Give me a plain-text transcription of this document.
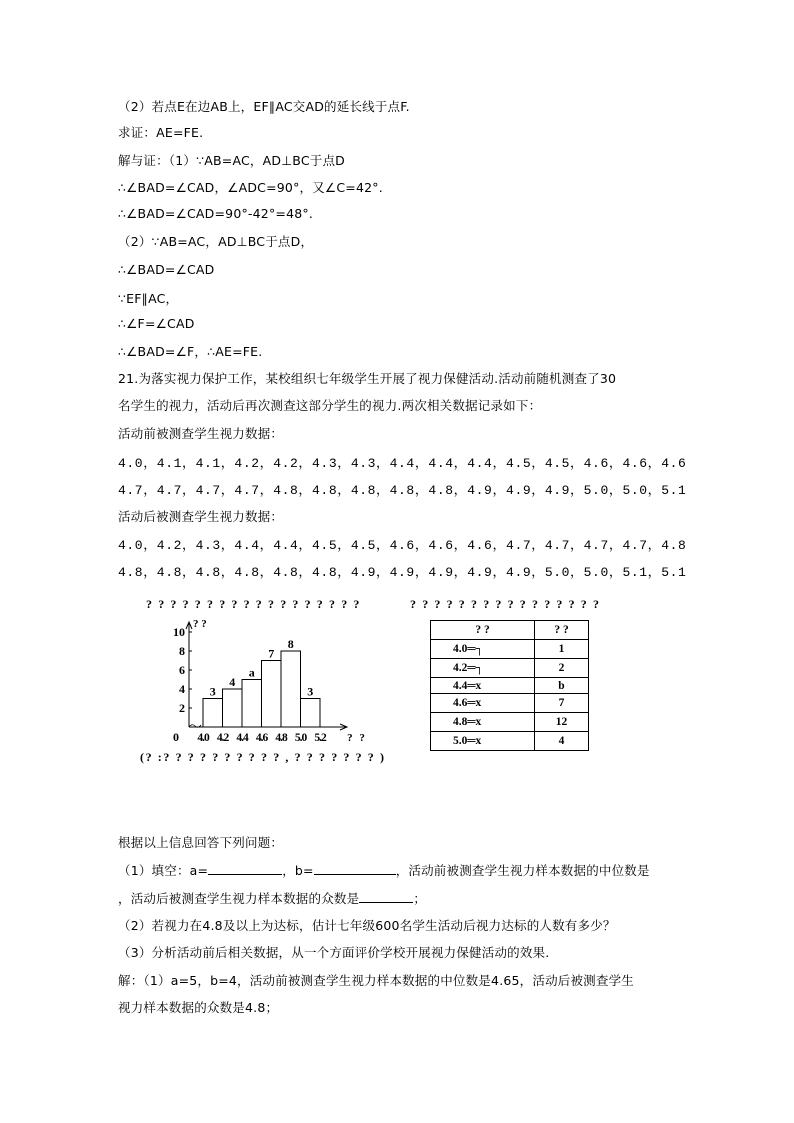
（2）若点E在边AB上，EF∥AC交AD的延长线于点F.
求证：AE=FE.
解与证：（1）∵AB=AC，AD⊥BC于点D
∴∠BAD=∠CAD，∠ADC=90°，又∠C=42°.
∴∠BAD=∠CAD=90°-42°=48°.
（2）∵AB=AC，AD⊥BC于点D，
∴∠BAD=∠CAD
∵EF∥AC，
∴∠F=∠CAD
∴∠BAD=∠F，∴AE=FE.
21.为落实视力保护工作，某校组织七年级学生开展了视力保健活动.活动前随机测查了30
名学生的视力，活动后再次测查这部分学生的视力.两次相关数据记录如下：
活动前被测查学生视力数据：
4.0，4.1，4.1，4.2，4.2，4.3，4.3，4.4，4.4，4.4，4.5，4.5，4.6，4.6，4.6
4.7，4.7，4.7，4.7，4.8，4.8，4.8，4.8，4.8，4.9，4.9，4.9，5.0，5.0，5.1
活动后被测查学生视力数据：
4.0，4.2，4.3，4.4，4.4，4.5，4.5，4.6，4.6，4.6，4.7，4.7，4.7，4.7，4.8
4.8，4.8，4.8，4.8，4.8，4.8，4.9，4.9，4.9，4.9，4.9，5.0，5.0，5.1，5.1
? ? ? ? ? ? ? ? ? ? ? ? ? ? ? ? ? ?
2
4
6
8
10
? ?
3
4
a
7
8
3
0 4.0 4.2 4.4 4.6 4.8 5.0 5.2 ? ?
(? :? ? ? ? ? ? ? ? ? ? , ? ? ? ? ? ? ? )
? ? ? ? ? ? ? ? ? ? ? ? ? ? ? ?
? ?	? ?
4.0═┐	1
4.2═┐	2
4.4═x	b
4.6═x	7
4.8═x	12
5.0═x	4
根据以上信息回答下列问题：
（1）填空：a=	，b=	，活动前被测查学生视力样本数据的中位数是
，活动后被测查学生视力样本数据的众数是	；
（2）若视力在4.8及以上为达标，估计七年级600名学生活动后视力达标的人数有多少？
（3）分析活动前后相关数据，从一个方面评价学校开展视力保健活动的效果.
解：（1）a=5，b=4，活动前被测查学生视力样本数据的中位数是4.65，活动后被测查学生
视力样本数据的众数是4.8；
